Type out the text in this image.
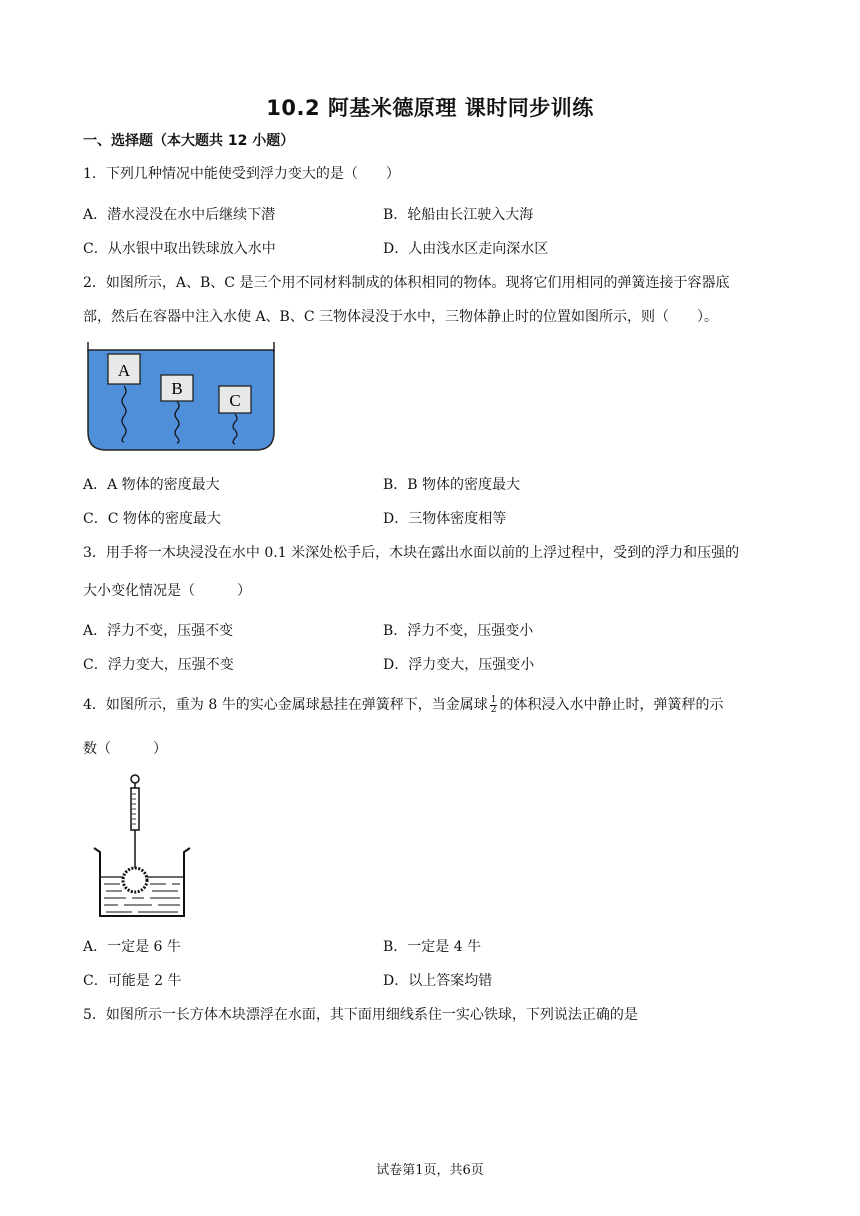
10.2 阿基米德原理 课时同步训练
一、选择题（本大题共 12 小题）
1．下列几种情况中能使受到浮力变大的是（　　）
A．潜水浸没在水中后继续下潜	B．轮船由长江驶入大海
C．从水银中取出铁球放入水中	D．人由浅水区走向深水区
2．如图所示，A、B、C 是三个用不同材料制成的体积相同的物体。现将它们用相同的弹簧连接于容器底
部，然后在容器中注入水使 A、B、C 三物体浸没于水中，三物体静止时的位置如图所示，则（　　）。
A
B
C
A．A 物体的密度最大	B．B 物体的密度最大
C．C 物体的密度最大	D．三物体密度相等
3．用手将一木块浸没在水中 0.1 米深处松手后，木块在露出水面以前的上浮过程中，受到的浮力和压强的
大小变化情况是（　　　）
A．浮力不变，压强不变	B．浮力不变，压强变小
C．浮力变大，压强不变	D．浮力变大，压强变小
4．如图所示，重为 8 牛的实心金属球悬挂在弹簧秤下，当金属球 $\frac{1}{2}$ 的体积浸入水中静止时，弹簧秤的示
数（　　　）
A．一定是 6 牛	B．一定是 4 牛
C．可能是 2 牛	D．以上答案均错
5．如图所示一长方体木块漂浮在水面，其下面用细线系住一实心铁球，下列说法正确的是
试卷第1页，共6页
